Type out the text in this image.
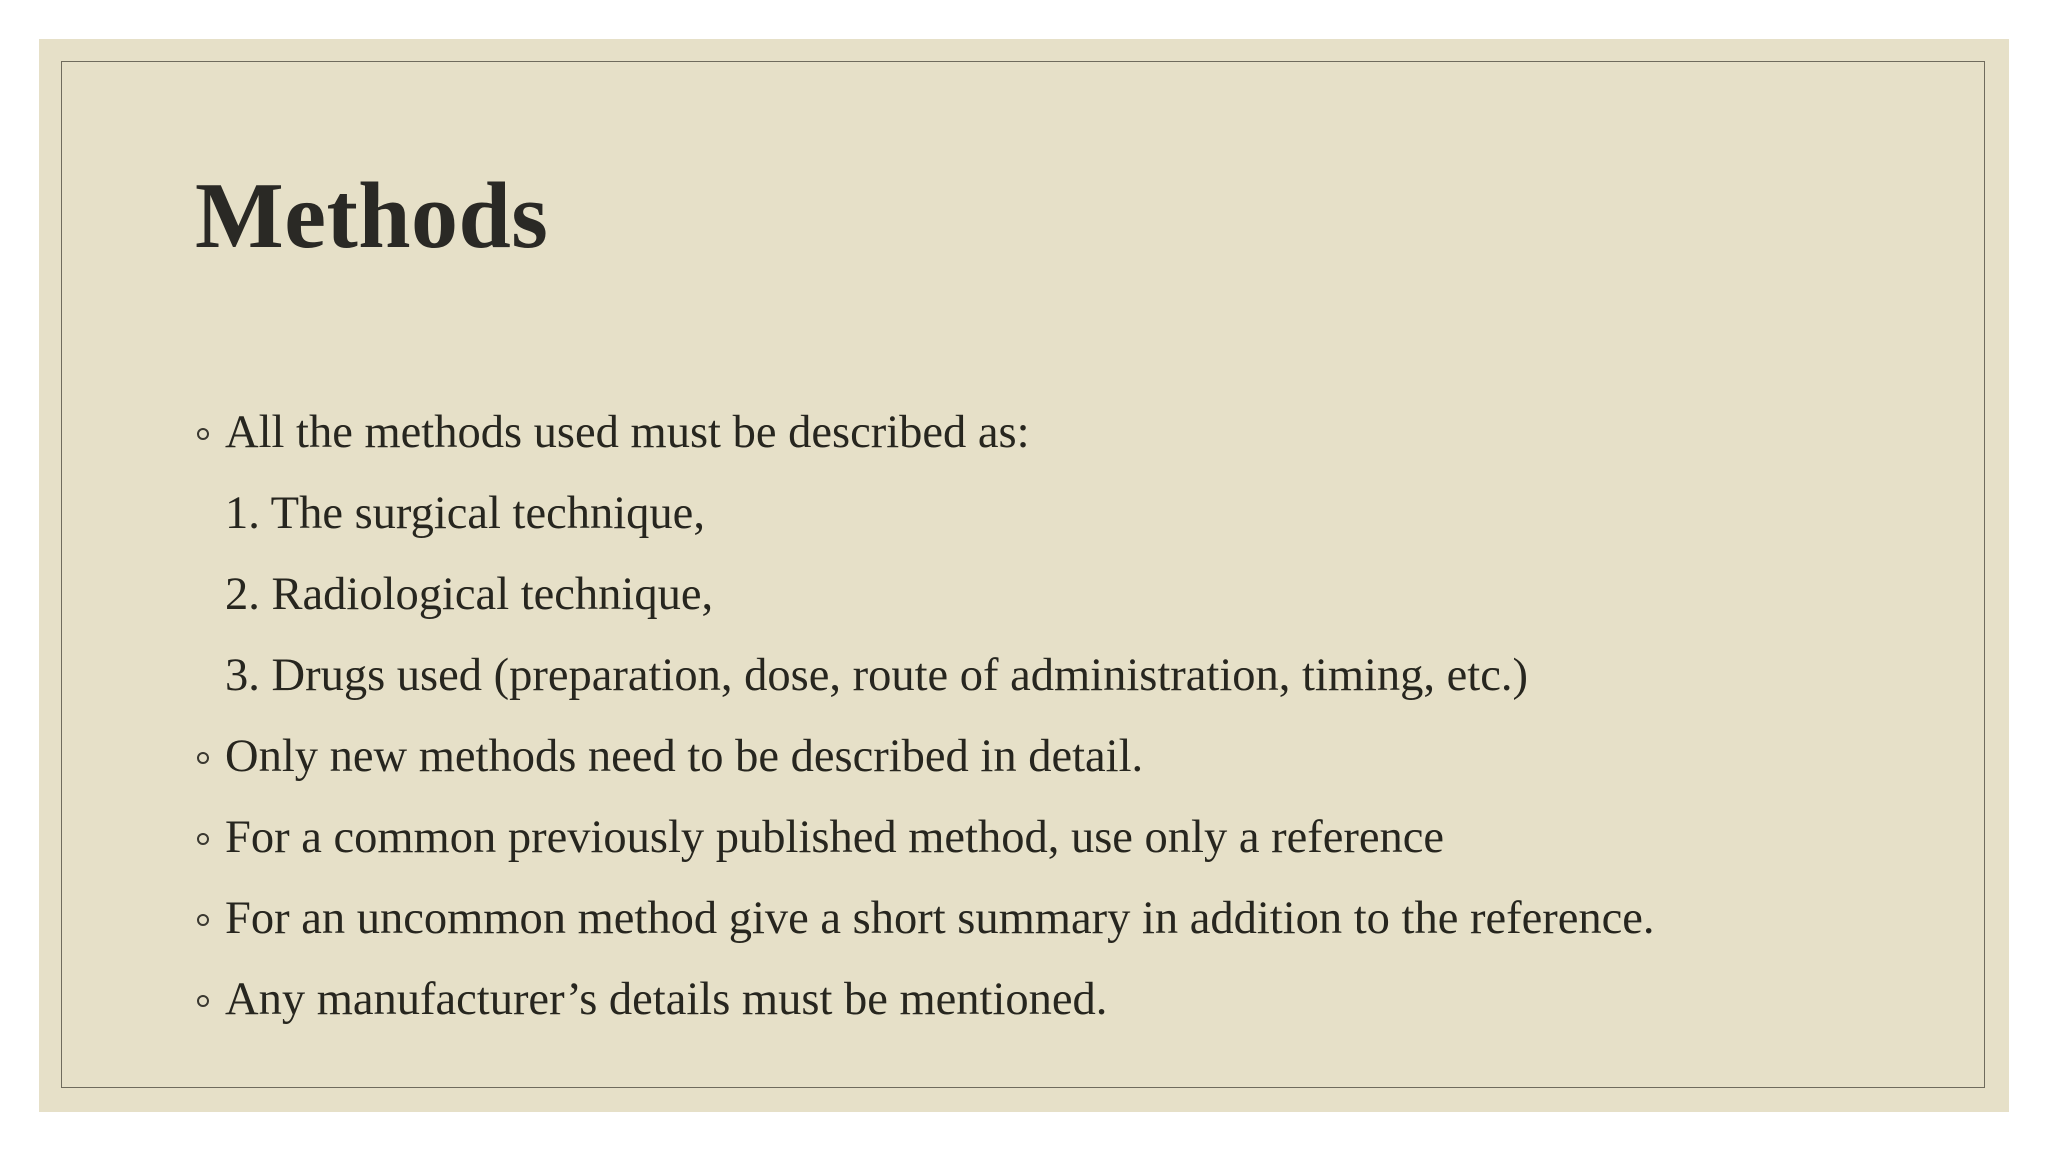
Methods
All the methods used must be described as:
1. The surgical technique,
2. Radiological technique,
3. Drugs used (preparation, dose, route of administration, timing, etc.)
Only new methods need to be described in detail.
For a common previously published method, use only a reference
For an uncommon method give a short summary in addition to the reference.
Any manufacturer’s details must be mentioned.
